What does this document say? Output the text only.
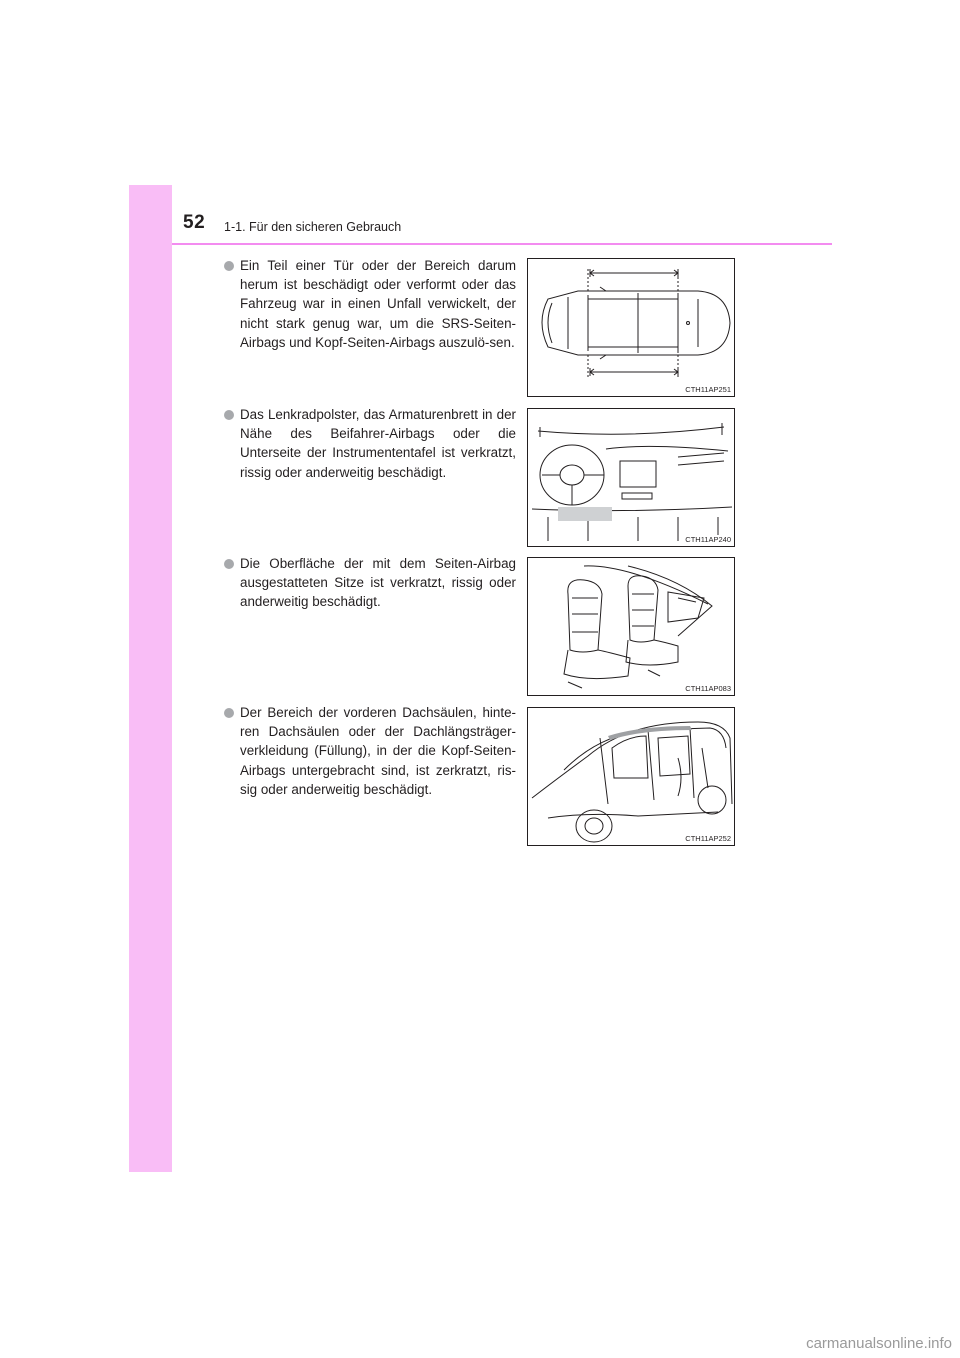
52 1-1. Für den sicheren Gebrauch

Ein Teil einer Tür oder der Bereich darum herum ist beschädigt oder verformt oder das Fahrzeug war in einen Unfall verwickelt, der nicht stark genug war, um die SRS-Seiten-Airbags und Kopf-Seiten-Airbags auszulö-sen.

CTH11AP251

Das Lenkradpolster, das Armaturenbrett in der Nähe des Beifahrer-Airbags oder die Unterseite der Instrumententafel ist verkratzt, rissig oder anderweitig beschädigt.

CTH11AP240

Die Oberfläche der mit dem Seiten-Airbag ausgestatteten Sitze ist verkratzt, rissig oder anderweitig beschädigt.

CTH11AP083

Der Bereich der vorderen Dachsäulen, hinte-ren Dachsäulen oder der Dachlängsträger-verkleidung (Füllung), in der die Kopf-Seiten-Airbags untergebracht sind, ist zerkratzt, ris-sig oder anderweitig beschädigt.

CTH11AP252
carmanualsonline.info
